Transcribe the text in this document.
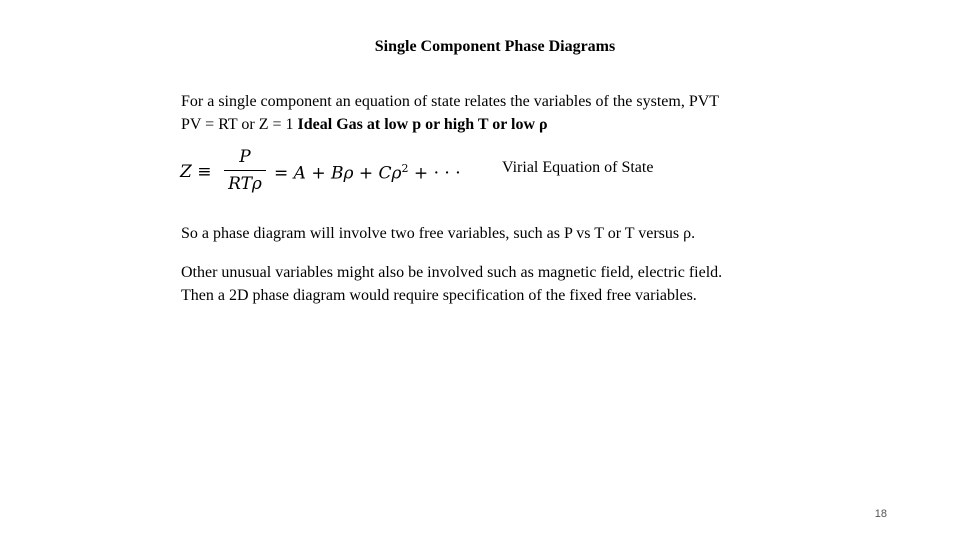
Single Component Phase Diagrams
For a single component an equation of state relates the variables of the system, PVT
PV = RT or Z = 1 Ideal Gas at low p or high T or low ρ
Z ≡
P
RTρ
= $A + B\rho + C\rho^2$ + · · ·	Virial Equation of State
So a phase diagram will involve two free variables, such as P vs T or T versus ρ.
Other unusual variables might also be involved such as magnetic field, electric field.
Then a 2D phase diagram would require specification of the fixed free variables.
18
